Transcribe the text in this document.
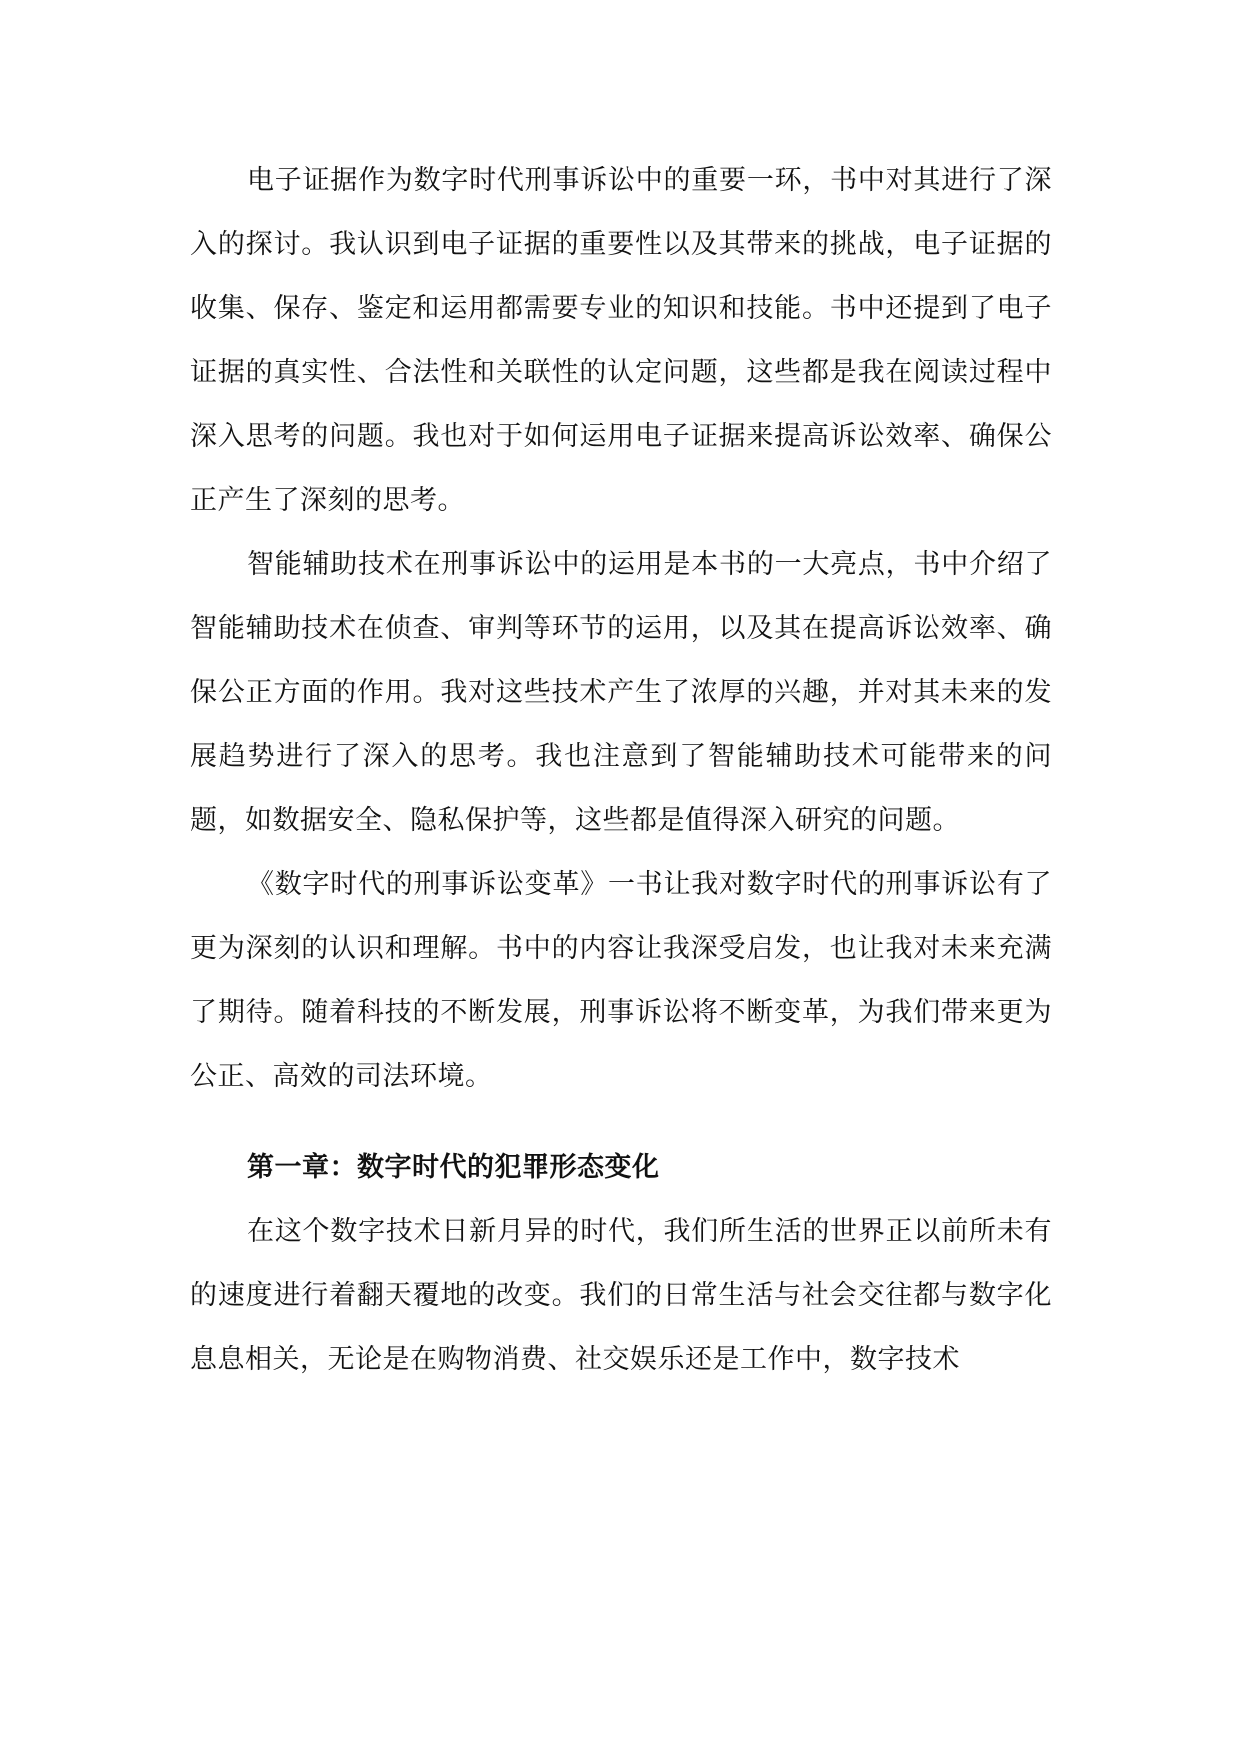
电子证据作为数字时代刑事诉讼中的重要一环，书中对其进行了深入的探讨。我认识到电子证据的重要性以及其带来的挑战，电子证据的收集、保存、鉴定和运用都需要专业的知识和技能。书中还提到了电子证据的真实性、合法性和关联性的认定问题，这些都是我在阅读过程中深入思考的问题。我也对于如何运用电子证据来提高诉讼效率、确保公正产生了深刻的思考。

智能辅助技术在刑事诉讼中的运用是本书的一大亮点，书中介绍了智能辅助技术在侦查、审判等环节的运用，以及其在提高诉讼效率、确保公正方面的作用。我对这些技术产生了浓厚的兴趣，并对其未来的发展趋势进行了深入的思考。我也注意到了智能辅助技术可能带来的问题，如数据安全、隐私保护等，这些都是值得深入研究的问题。

《数字时代的刑事诉讼变革》一书让我对数字时代的刑事诉讼有了更为深刻的认识和理解。书中的内容让我深受启发，也让我对未来充满了期待。随着科技的不断发展，刑事诉讼将不断变革，为我们带来更为公正、高效的司法环境。

第一章：数字时代的犯罪形态变化

在这个数字技术日新月异的时代，我们所生活的世界正以前所未有的速度进行着翻天覆地的改变。我们的日常生活与社会交往都与数字化息息相关，无论是在购物消费、社交娱乐还是工作中，数字技术
